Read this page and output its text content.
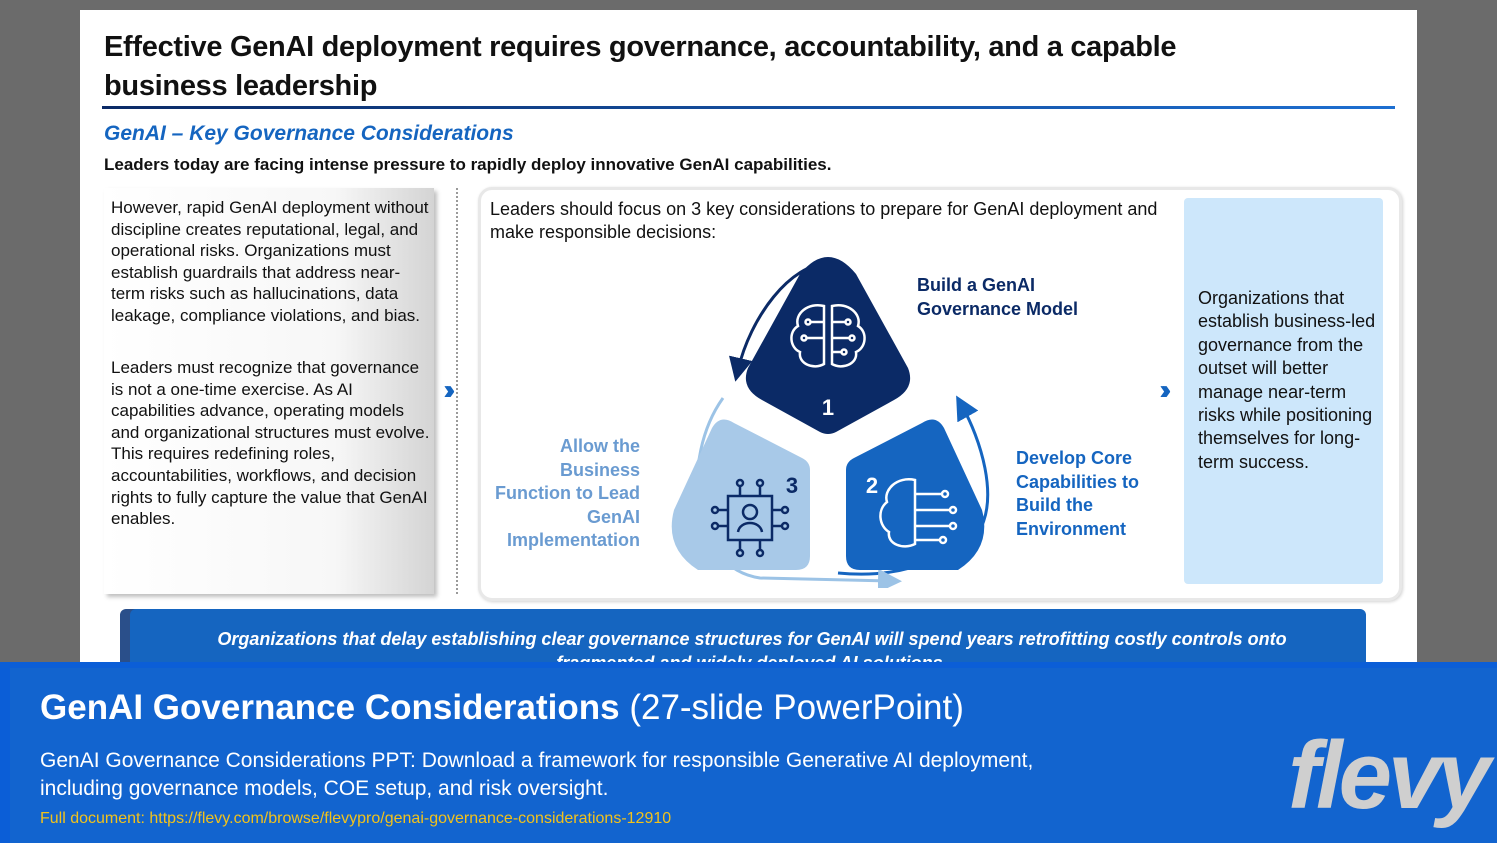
Effective GenAI deployment requires governance, accountability, and a capable business leadership
GenAI – Key Governance Considerations
Leaders today are facing intense pressure to rapidly deploy innovative GenAI capabilities.

However, rapid GenAI deployment without discipline creates reputational, legal, and operational risks. Organizations must establish guardrails that address near-term risks such as hallucinations, data leakage, compliance violations, and bias.

Leaders must recognize that governance is not a one-time exercise. As AI capabilities advance, operating models and organizational structures must evolve. This requires redefining roles, accountabilities, workflows, and decision rights to fully capture the value that GenAI enables.

Leaders should focus on 3 key considerations to prepare for GenAI deployment and make responsible decisions:
1
2
3
Build a GenAI Governance Model
Develop Core Capabilities to Build the Environment
Allow the Business Function to Lead GenAI Implementation
Organizations that establish business-led governance from the outset will better manage near-term risks while positioning themselves for long-term success.
Organizations that delay establishing clear governance structures for GenAI will spend years retrofitting costly controls onto
GenAI Governance Considerations (27-slide PowerPoint)
GenAI Governance Considerations PPT: Download a framework for responsible Generative AI deployment, including governance models, COE setup, and risk oversight.
Full document: https://flevy.com/browse/flevypro/genai-governance-considerations-12910	flevy
